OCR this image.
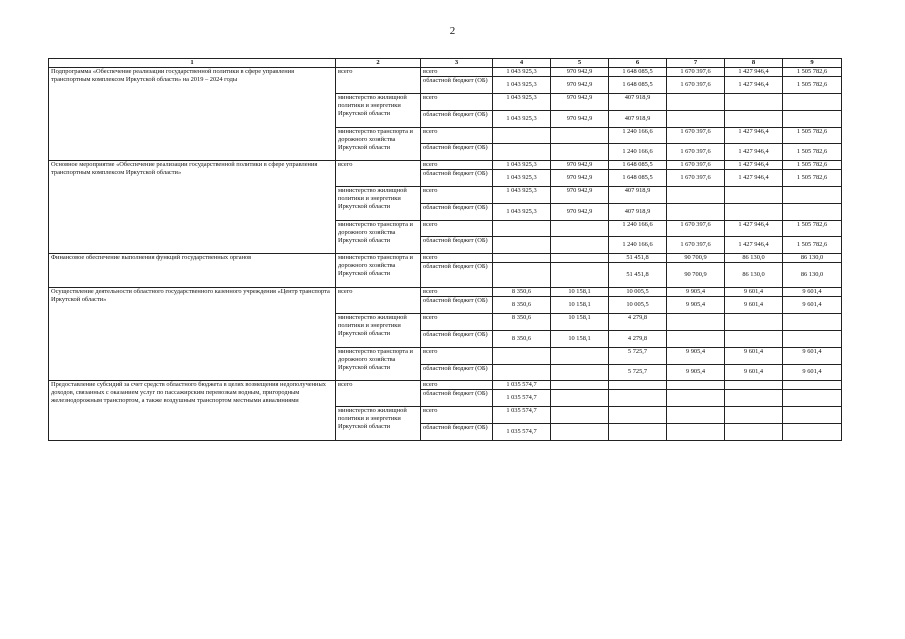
2
1	2	3	4	5	6	7	8	9
Подпрограмма «Обеспечение реализации государственной политики в сфере управления транспортным комплексом Иркутской области» на 2019 – 2024 годы	всего	всего	1 043 925,3	970 942,9	1 648 085,5	1 670 397,6	1 427 946,4	1 505 782,6
		областной бюджет (ОБ)	1 043 925,3	970 942,9	1 648 085,5	1 670 397,6	1 427 946,4	1 505 782,6
	министерство жилищной политики и энергетики Иркутской области	всего	1 043 925,3	970 942,9	407 918,9			
		областной бюджет (ОБ)	1 043 925,3	970 942,9	407 918,9			
	министерство транспорта и дорожного хозяйства Иркутской области	всего			1 240 166,6	1 670 397,6	1 427 946,4	1 505 782,6
		областной бюджет (ОБ)			1 240 166,6	1 670 397,6	1 427 946,4	1 505 782,6
Основное мероприятие «Обеспечение реализации государственной политики в сфере управления транспортным комплексом Иркутской области»	всего	всего	1 043 925,3	970 942,9	1 648 085,5	1 670 397,6	1 427 946,4	1 505 782,6
		областной бюджет (ОБ)	1 043 925,3	970 942,9	1 648 085,5	1 670 397,6	1 427 946,4	1 505 782,6
	министерство жилищной политики и энергетики Иркутской области	всего	1 043 925,3	970 942,9	407 918,9			
		областной бюджет (ОБ)	1 043 925,3	970 942,9	407 918,9			
	министерство транспорта и дорожного хозяйства Иркутской области	всего			1 240 166,6	1 670 397,6	1 427 946,4	1 505 782,6
		областной бюджет (ОБ)			1 240 166,6	1 670 397,6	1 427 946,4	1 505 782,6
Финансовое обеспечение выполнения функций государственных органов	министерство транспорта и дорожного хозяйства Иркутской области	всего			51 451,8	90 700,9	86 130,0	86 130,0
		областной бюджет (ОБ)			51 451,8	90 700,9	86 130,0	86 130,0
Осуществление деятельности областного государственного казенного учреждения «Центр транспорта Иркутской области»	всего	всего	8 350,6	10 158,1	10 005,5	9 905,4	9 601,4	9 601,4
		областной бюджет (ОБ)	8 350,6	10 158,1	10 005,5	9 905,4	9 601,4	9 601,4
	министерство жилищной политики и энергетики Иркутской области	всего	8 350,6	10 158,1	4 279,8			
		областной бюджет (ОБ)	8 350,6	10 158,1	4 279,8			
	министерство транспорта и дорожного хозяйства Иркутской области	всего			5 725,7	9 905,4	9 601,4	9 601,4
		областной бюджет (ОБ)			5 725,7	9 905,4	9 601,4	9 601,4
Предоставление субсидий за счет средств областного бюджета в целях возмещения недополученных доходов, связанных с оказанием услуг по пассажирским перевозкам водным, пригородным железнодорожным транспортом, а также воздушным транспортом местными авиалиниями	всего	всего	1 035 574,7					
		областной бюджет (ОБ)	1 035 574,7					
	министерство жилищной политики и энергетики Иркутской области	всего	1 035 574,7					
		областной бюджет (ОБ)	1 035 574,7					
